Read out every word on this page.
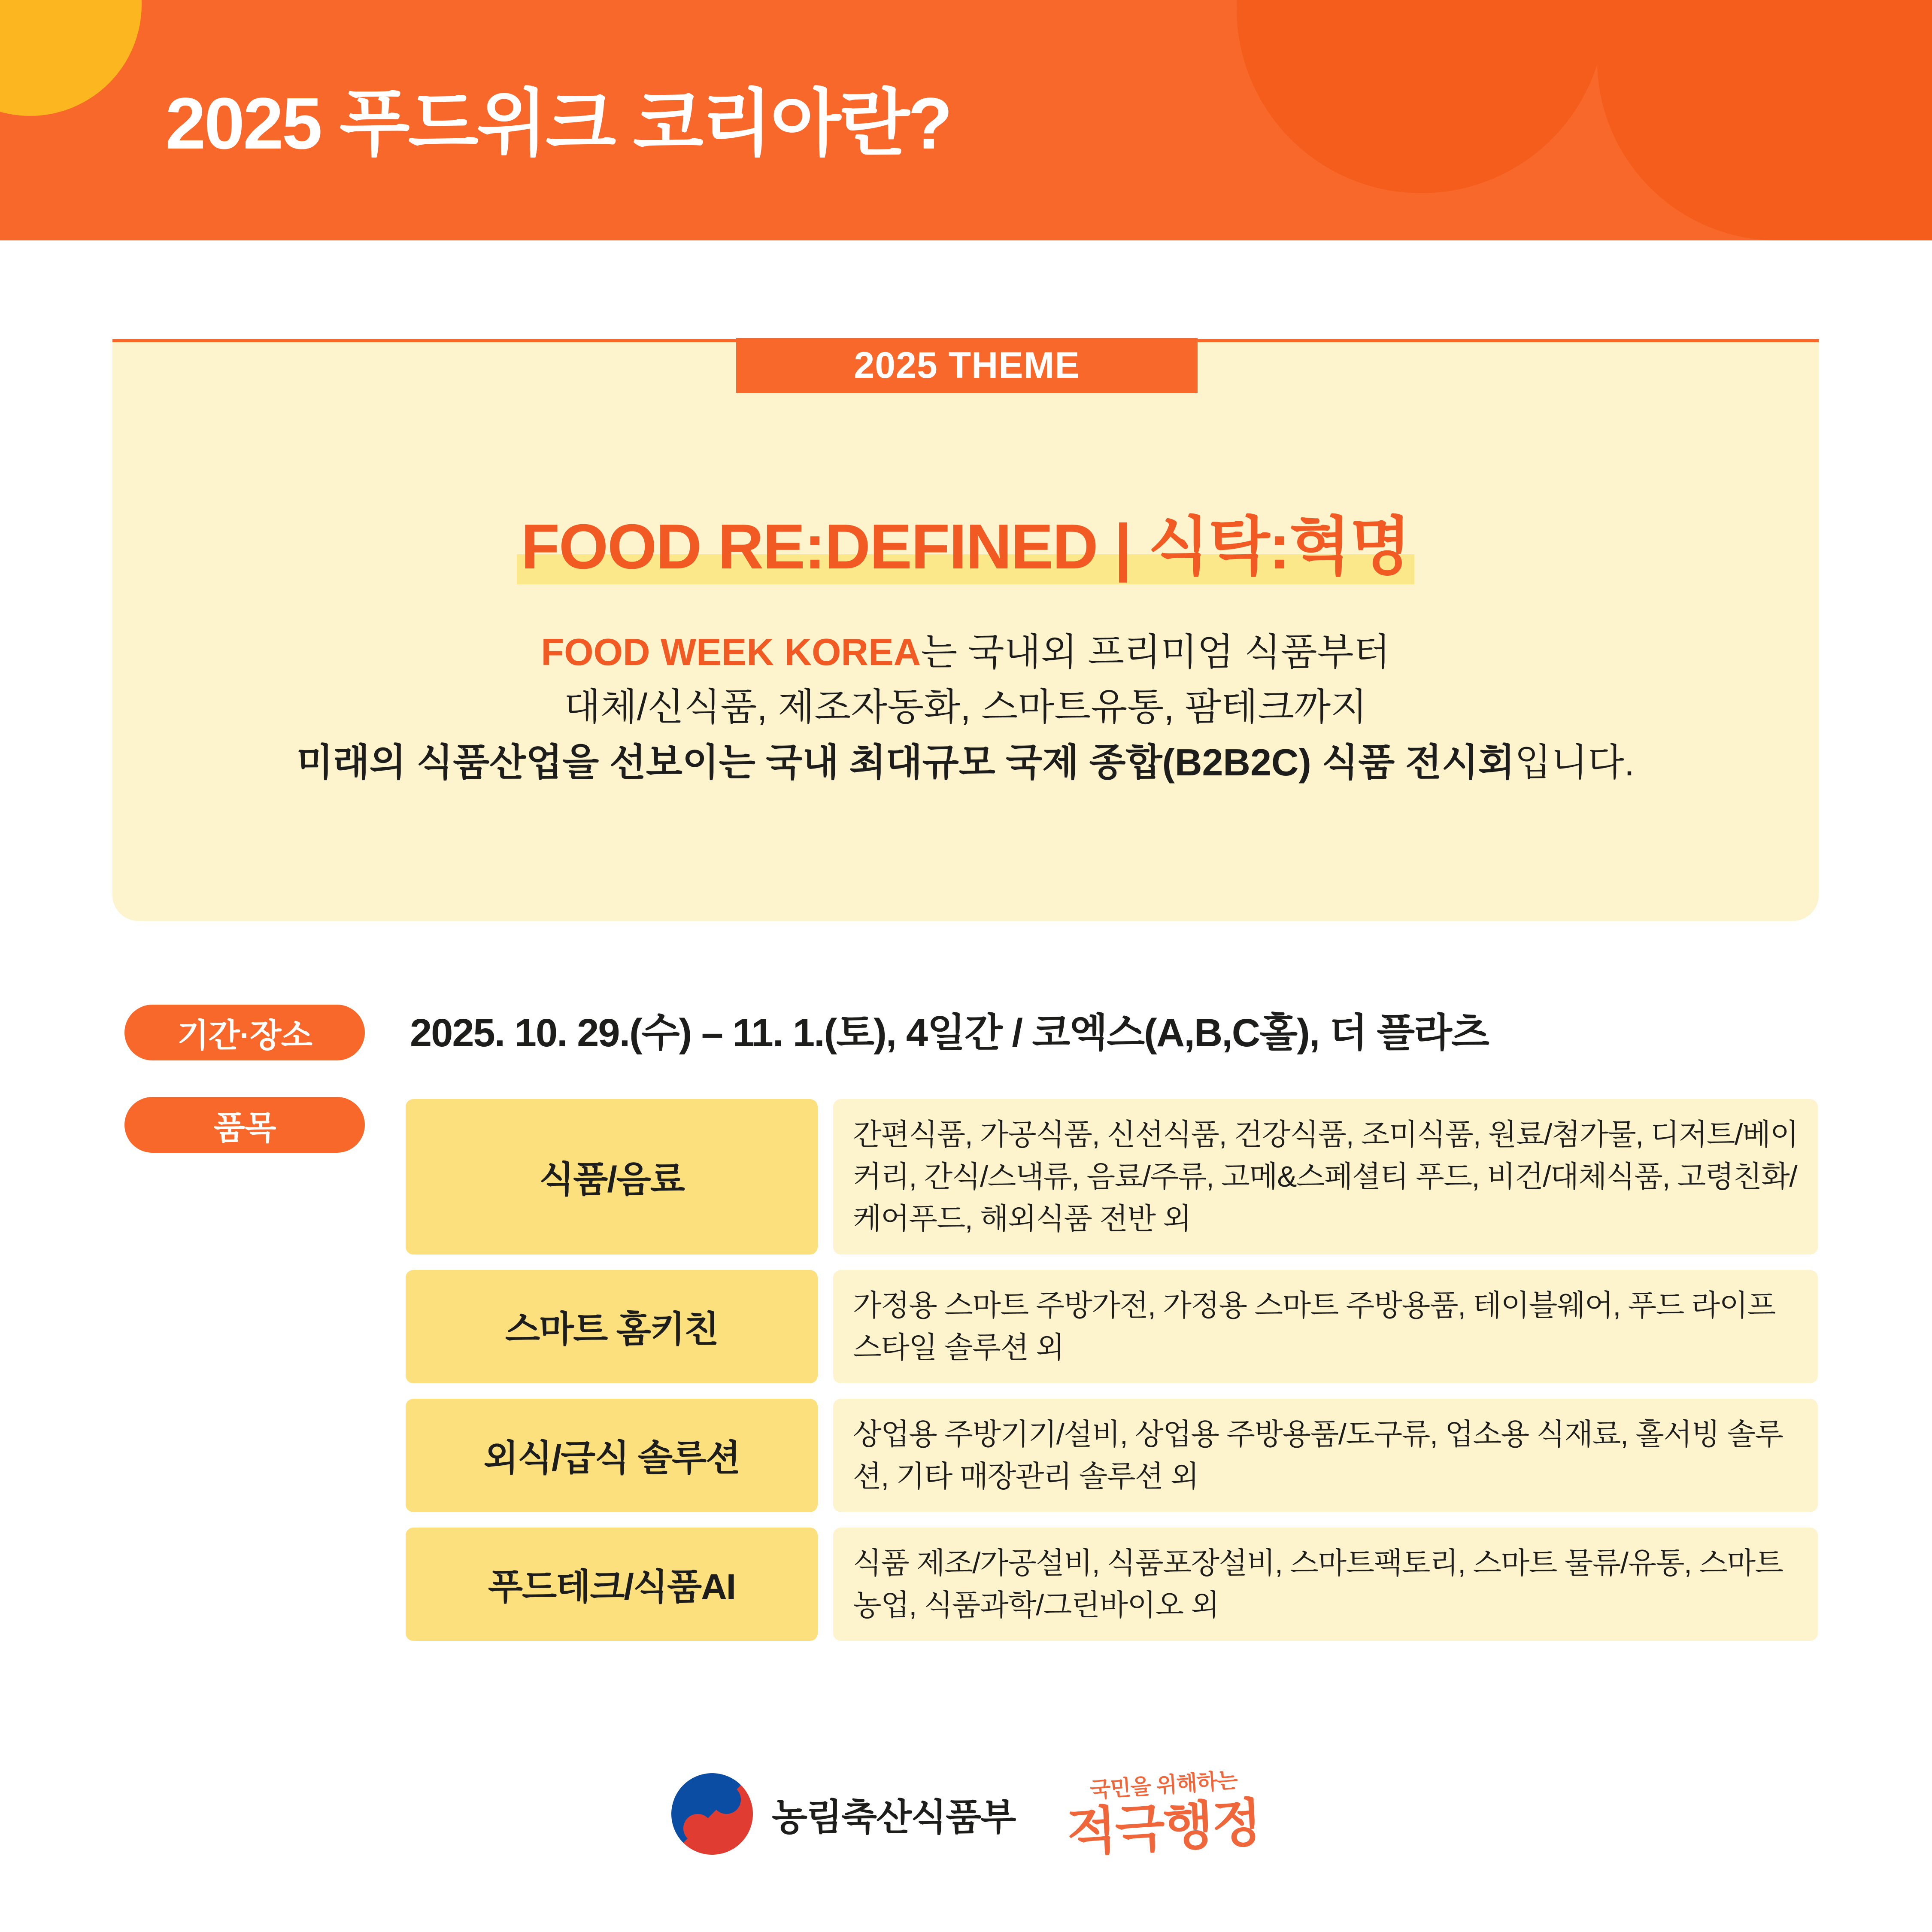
2025 푸드위크 코리아란?
2025 THEME
FOOD RE:DEFINED | 식탁:혁명
FOOD WEEK KOREA는 국내외 프리미엄 식품부터
대체/신식품, 제조자동화, 스마트유통, 팜테크까지
미래의 식품산업을 선보이는 국내 최대규모 국제 종합(B2B2C) 식품 전시회입니다.
기간·장소	2025. 10. 29.(수) – 11. 1.(토), 4일간 / 코엑스(A,B,C홀), 더 플라츠
품목
식품/음료
간편식품, 가공식품, 신선식품, 건강식품, 조미식품, 원료/첨가물, 디저트/베이커리, 간식/스낵류, 음료/주류, 고메&스페셜티 푸드, 비건/대체식품, 고령친화/케어푸드, 해외식품 전반 외
스마트 홈키친
가정용 스마트 주방가전, 가정용 스마트 주방용품, 테이블웨어, 푸드 라이프스타일 솔루션 외
외식/급식 솔루션
상업용 주방기기/설비, 상업용 주방용품/도구류, 업소용 식재료, 홀서빙 솔루션, 기타 매장관리 솔루션 외
푸드테크/식품AI
식품 제조/가공설비, 식품포장설비, 스마트팩토리, 스마트 물류/유통, 스마트농업, 식품과학/그린바이오 외
농림축산식품부
국민을 위해하는
적극행정
